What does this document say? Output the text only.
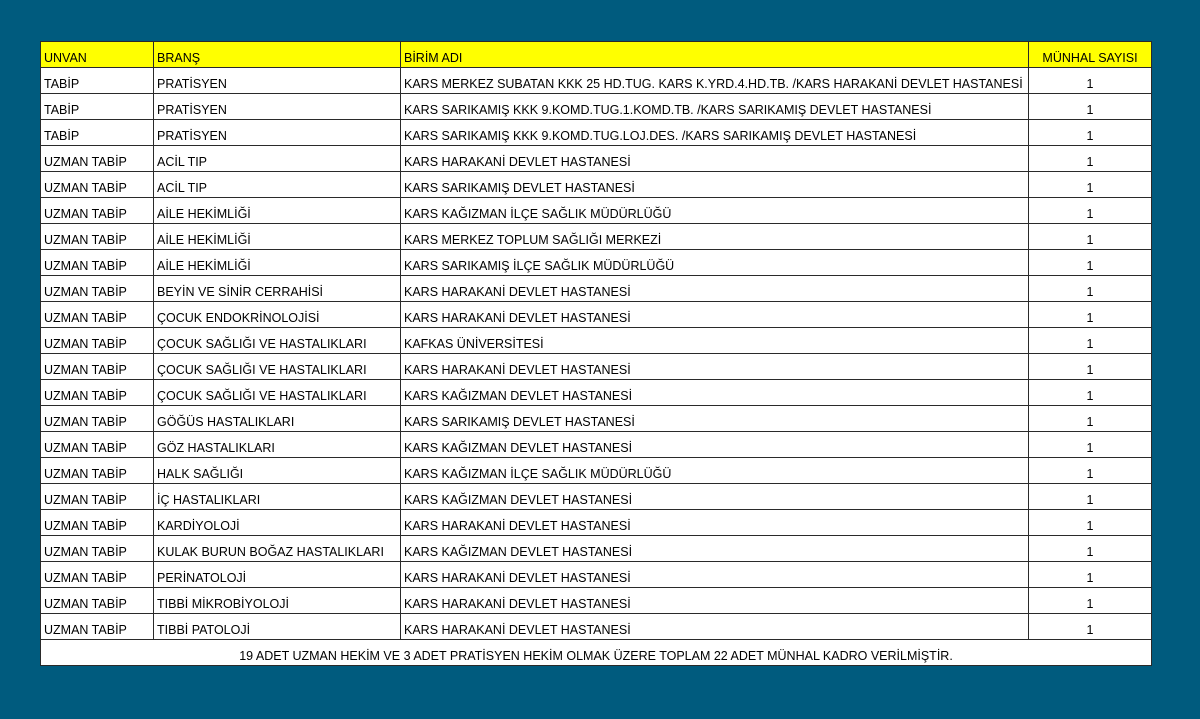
UNVAN	BRANŞ	BİRİM ADI	MÜNHAL SAYISI
TABİP	PRATİSYEN	KARS MERKEZ SUBATAN KKK 25 HD.TUG. KARS K.YRD.4.HD.TB. /KARS HARAKANİ DEVLET HASTANESİ	1
TABİP	PRATİSYEN	KARS SARIKAMIŞ KKK 9.KOMD.TUG.1.KOMD.TB. /KARS SARIKAMIŞ DEVLET HASTANESİ	1
TABİP	PRATİSYEN	KARS SARIKAMIŞ KKK 9.KOMD.TUG.LOJ.DES. /KARS SARIKAMIŞ DEVLET HASTANESİ	1
UZMAN TABİP	ACİL TIP	KARS HARAKANİ DEVLET HASTANESİ	1
UZMAN TABİP	ACİL TIP	KARS SARIKAMIŞ DEVLET HASTANESİ	1
UZMAN TABİP	AİLE HEKİMLİĞİ	KARS KAĞIZMAN İLÇE SAĞLIK MÜDÜRLÜĞÜ	1
UZMAN TABİP	AİLE HEKİMLİĞİ	KARS MERKEZ TOPLUM SAĞLIĞI MERKEZİ	1
UZMAN TABİP	AİLE HEKİMLİĞİ	KARS SARIKAMIŞ İLÇE SAĞLIK MÜDÜRLÜĞÜ	1
UZMAN TABİP	BEYİN VE SİNİR CERRAHİSİ	KARS HARAKANİ DEVLET HASTANESİ	1
UZMAN TABİP	ÇOCUK ENDOKRİNOLOJİSİ	KARS HARAKANİ DEVLET HASTANESİ	1
UZMAN TABİP	ÇOCUK SAĞLIĞI VE HASTALIKLARI	KAFKAS ÜNİVERSİTESİ	1
UZMAN TABİP	ÇOCUK SAĞLIĞI VE HASTALIKLARI	KARS HARAKANİ DEVLET HASTANESİ	1
UZMAN TABİP	ÇOCUK SAĞLIĞI VE HASTALIKLARI	KARS KAĞIZMAN DEVLET HASTANESİ	1
UZMAN TABİP	GÖĞÜS HASTALIKLARI	KARS SARIKAMIŞ DEVLET HASTANESİ	1
UZMAN TABİP	GÖZ HASTALIKLARI	KARS KAĞIZMAN DEVLET HASTANESİ	1
UZMAN TABİP	HALK SAĞLIĞI	KARS KAĞIZMAN İLÇE SAĞLIK MÜDÜRLÜĞÜ	1
UZMAN TABİP	İÇ HASTALIKLARI	KARS KAĞIZMAN DEVLET HASTANESİ	1
UZMAN TABİP	KARDİYOLOJİ	KARS HARAKANİ DEVLET HASTANESİ	1
UZMAN TABİP	KULAK BURUN BOĞAZ HASTALIKLARI	KARS KAĞIZMAN DEVLET HASTANESİ	1
UZMAN TABİP	PERİNATOLOJİ	KARS HARAKANİ DEVLET HASTANESİ	1
UZMAN TABİP	TIBBİ MİKROBİYOLOJİ	KARS HARAKANİ DEVLET HASTANESİ	1
UZMAN TABİP	TIBBİ PATOLOJİ	KARS HARAKANİ DEVLET HASTANESİ	1
19 ADET UZMAN HEKİM VE 3 ADET PRATİSYEN HEKİM OLMAK ÜZERE TOPLAM 22 ADET MÜNHAL KADRO VERİLMİŞTİR.			
